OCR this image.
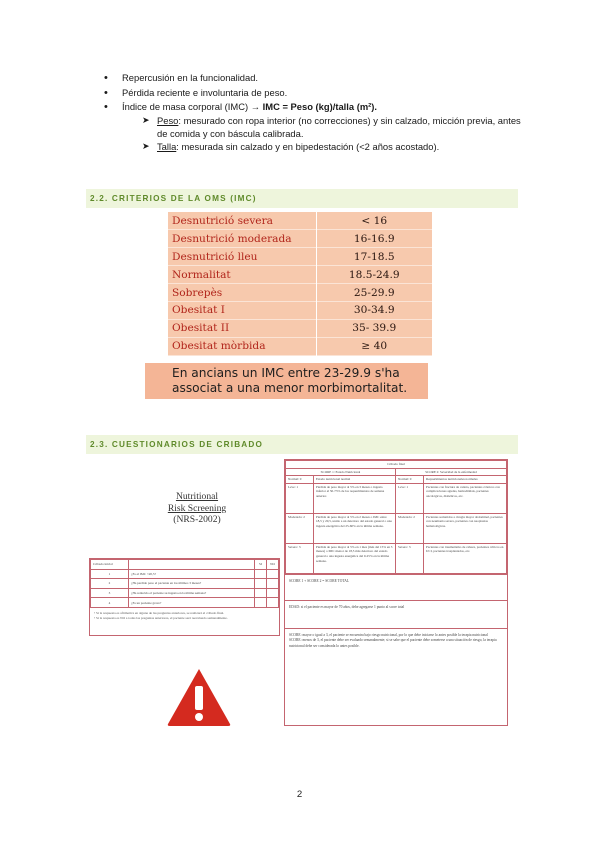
• Repercusión en la funcionalidad.
• Pérdida reciente e involuntaria de peso.
• Índice de masa corporal (IMC) → IMC = Peso (kg)/talla (m²).
➤ Peso: mesurado con ropa interior (no correcciones) y sin calzado, micción previa, antes de comida y con báscula calibrada.
➤ Talla: mesurada sin calzado y en bipedestación (<2 años acostado).
2.2. CRITERIOS DE LA OMS (IMC)
Desnutrició severa	< 16
Desnutrició moderada	16-16.9
Desnutrició lleu	17-18.5
Normalitat	18.5-24.9
Sobrepès	25-29.9
Obesitat I	30-34.9
Obesitat II	35- 39.9
Obesitat mòrbida	≥ 40
En ancians un IMC entre 23-29.9 s'ha
associat a una menor morbimortalitat.
2.3. CUESTIONARIOS DE CRIBADO
Nutritional
Risk Screening
(NRS-2002)
Cribado inicial		SI	NO
1	¿Es el IMC <20,5?		
2	¿Ha perdido peso el paciente en los últimos 3 meses?		
3	¿Ha reducido el paciente su ingesta en la última semana?		
4	¿Es un paciente grave?		
• Si la respuesta es afirmativa en alguna de las preguntas anteriores, se realizará el cribado final.
• Si la respuesta es NO a todas las preguntas anteriores, el paciente será reevaluado semanalmente.
Cribado final			
SCORE 1: Estado Nutricional		SCORE 2: Severidad de la enfermedad	
Normal: 0	Estado nutricional normal	Normal: 0	Requerimientos nutricionales normales
Leve: 1	Pérdida de peso mayor al 5% en 3 meses o ingesta inferior al 50-75% de los requerimientos de semana anterior.	Leve: 1	Pacientes con fractura de cadera, pacientes crónicos con complicaciones agudas, hemodiálisis, pacientes oncológicos, diabéticos, etc.
Moderado: 2	Pérdida de peso mayor al 5% en 2 meses o IMC entre 18,5 y 20,5, unido a un deterioro del estado general o una ingesta energética del 25-60% en la última semana.	Moderado: 2	Pacientes sometidos a cirugía mayor abdominal, pacientes con neumonía severa, pacientes con neoplasias hematológicas.
Severo: 3	Pérdida de peso mayor al 5% en 1 mes (más del 15% en 3 meses) o IMC menor de 18,5 más deterioro del estado general o una ingesta energética del 0-25% en la última semana.	Severo: 3	Pacientes con traumatismo de cabeza, pacientes críticos en UCI, pacientes trasplantados, etc.
SCORE 1 + SCORE 2 = SCORE TOTAL
EDAD: si el paciente es mayor de 70 años, debe agregarse 1 punto al score total
SCORE: mayor o igual a 3, el paciente se encuentra bajo riesgo nutricional, por lo que debe iniciarse lo antes posible la terapia nutricional
SCORE: menos de 3, el paciente debe ser evaluado semanalmente; si se sabe que el paciente debe someterse a una situación de riesgo, la terapia nutricional debe ser considerada lo antes posible.
2
